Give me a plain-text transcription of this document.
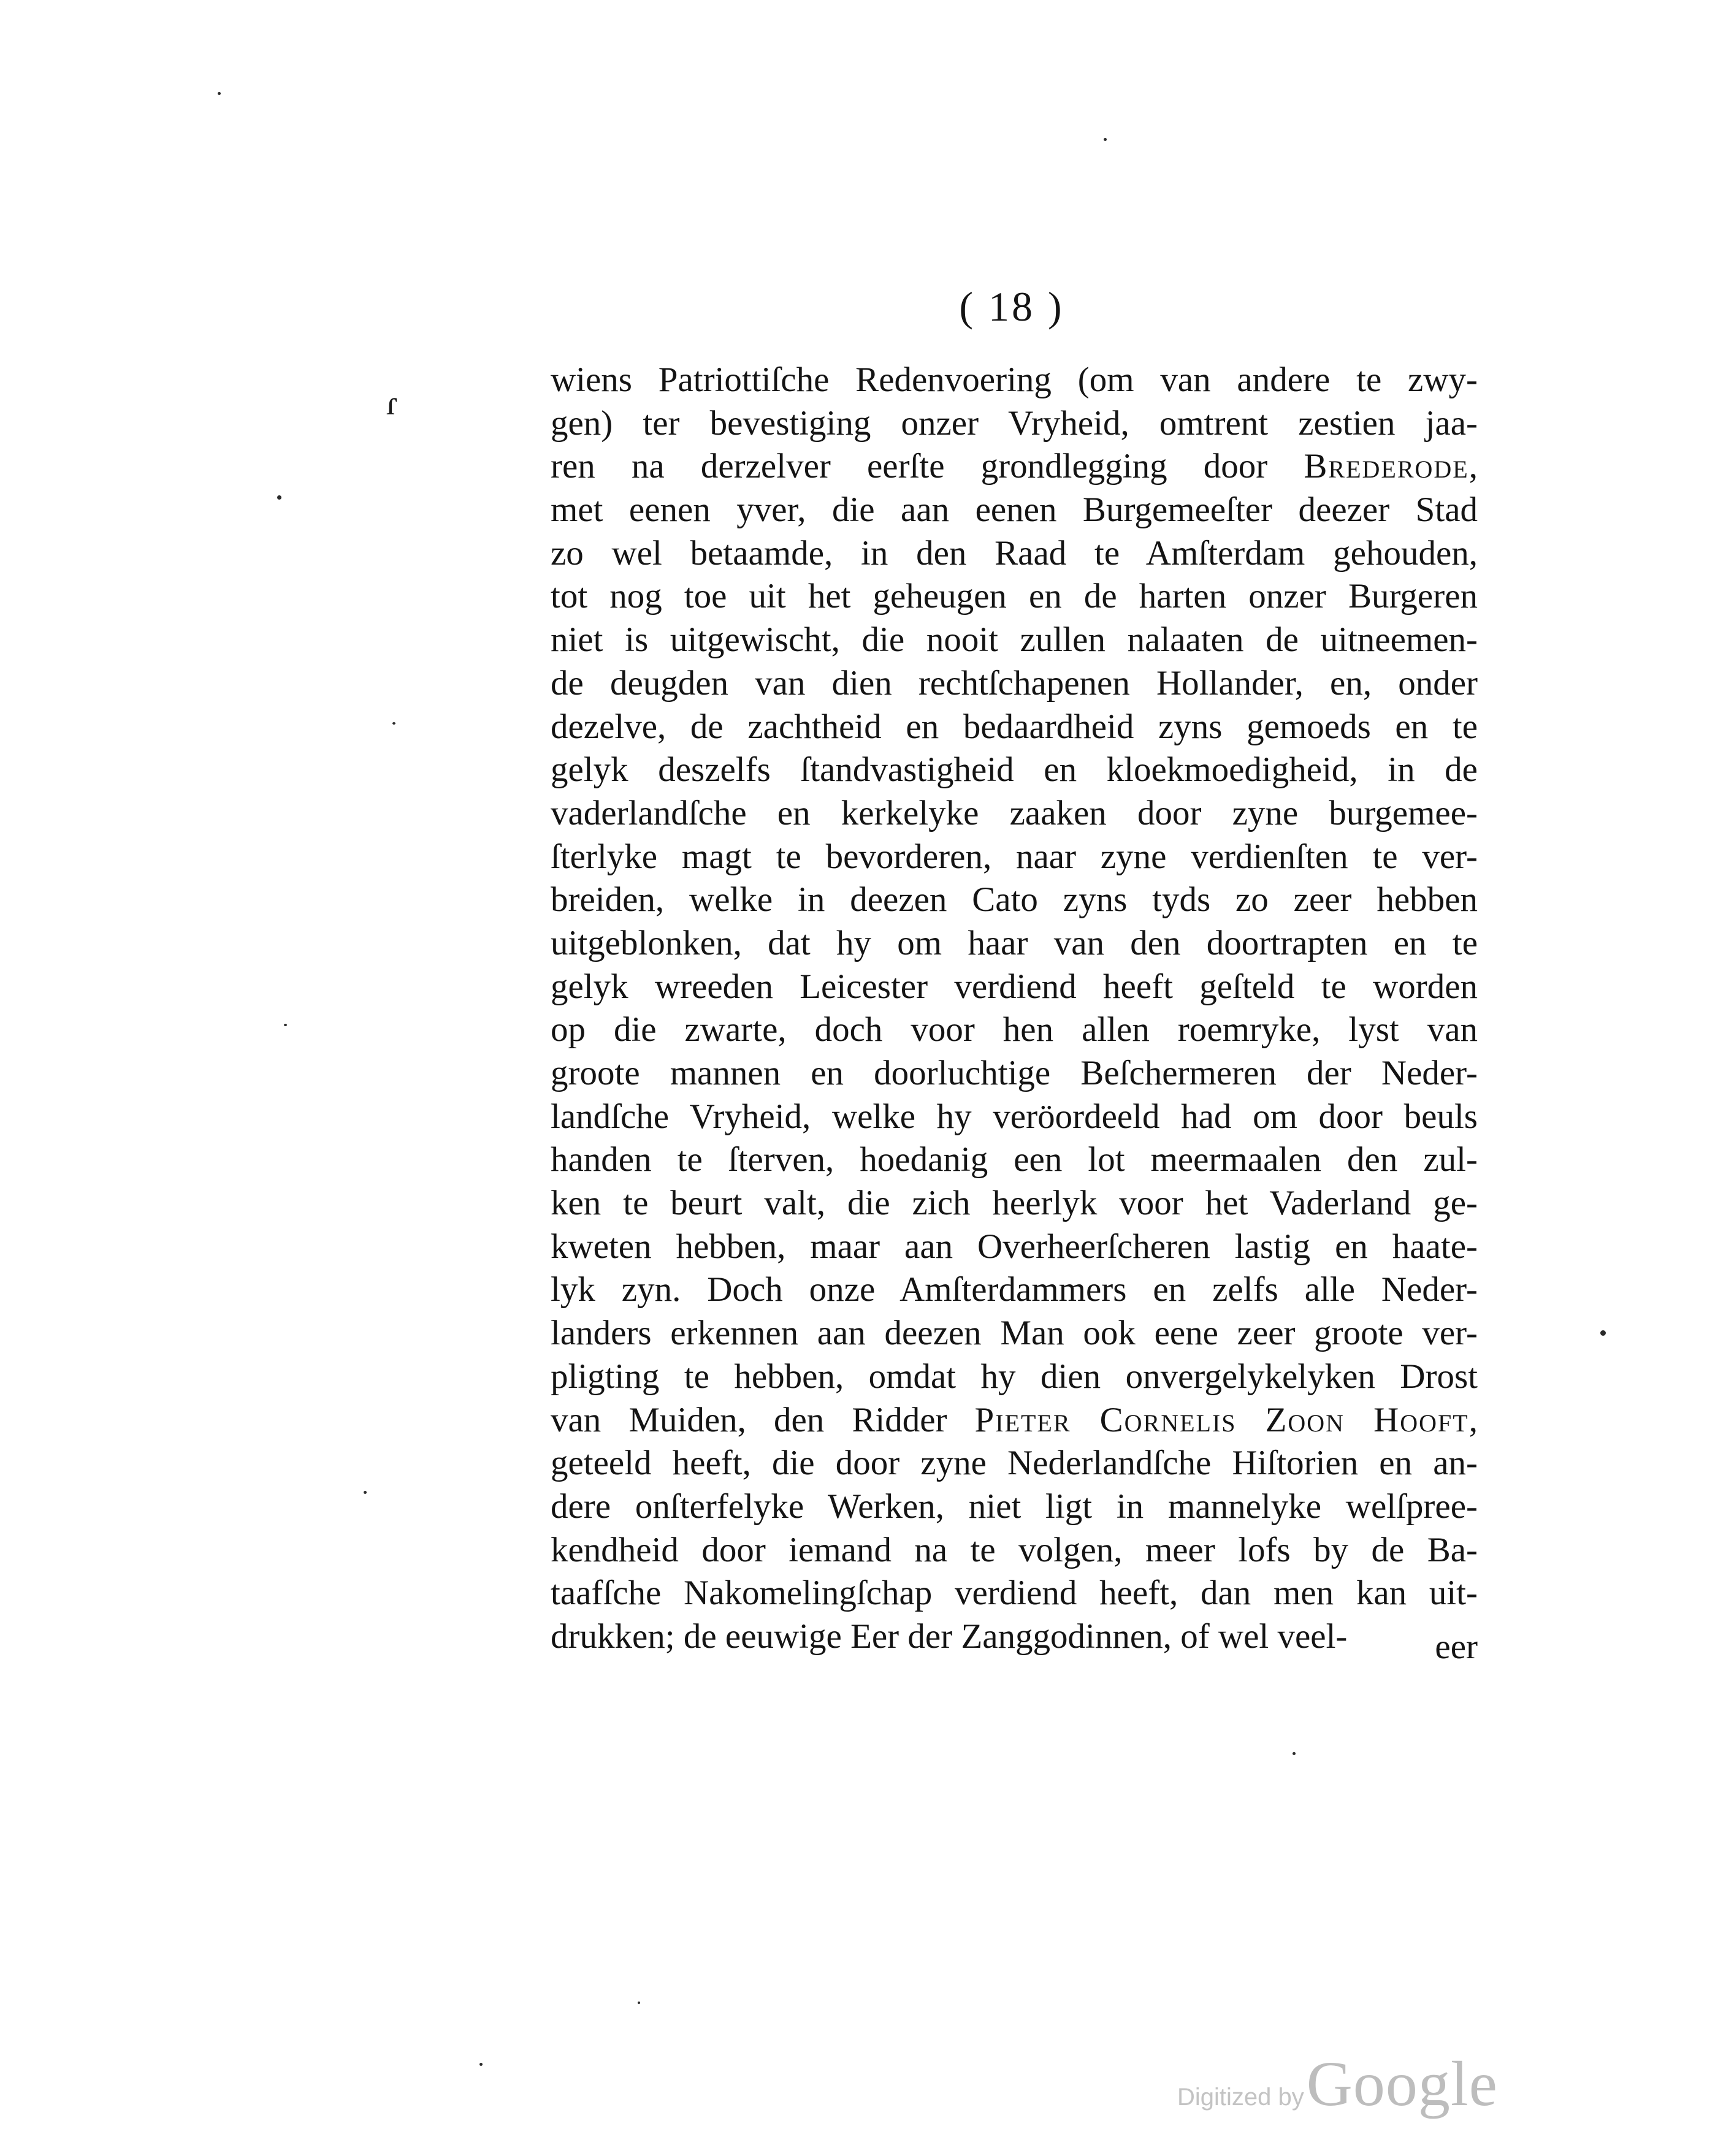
( 18 )
ɾ
wiens Patriottiſche Redenvoering (om van andere te zwy-
gen) ter bevestiging onzer Vryheid, omtrent zestien jaa-
ren na derzelver eerſte grondlegging door Brederode,
met eenen yver, die aan eenen Burgemeeſter deezer Stad
zo wel betaamde, in den Raad te Amſterdam gehouden,
tot nog toe uit het geheugen en de harten onzer Burgeren
niet is uitgewischt, die nooit zullen nalaaten de uitneemen-
de deugden van dien rechtſchapenen Hollander, en, onder
dezelve, de zachtheid en bedaardheid zyns gemoeds en te
gelyk deszelfs ſtandvastigheid en kloekmoedigheid, in de
vaderlandſche en kerkelyke zaaken door zyne burgemee-
ſterlyke magt te bevorderen, naar zyne verdienſten te ver-
breiden, welke in deezen Cato zyns tyds zo zeer hebben
uitgeblonken, dat hy om haar van den doortrapten en te
gelyk wreeden Leicester verdiend heeft geſteld te worden
op die zwarte, doch voor hen allen roemryke, lyst van
groote mannen en doorluchtige Beſchermeren der Neder-
landſche Vryheid, welke hy veröordeeld had om door beuls
handen te ſterven, hoedanig een lot meermaalen den zul-
ken te beurt valt, die zich heerlyk voor het Vaderland ge-
kweten hebben, maar aan Overheerſcheren lastig en haate-
lyk zyn. Doch onze Amſterdammers en zelfs alle Neder-
landers erkennen aan deezen Man ook eene zeer groote ver-
pligting te hebben, omdat hy dien onvergelykelyken Drost
van Muiden, den Ridder Pieter Cornelis Zoon Hooft,
geteeld heeft, die door zyne Nederlandſche Hiſtorien en an-
dere onſterfelyke Werken, niet ligt in mannelyke welſpree-
kendheid door iemand na te volgen, meer lofs by de Ba-
taafſche Nakomelingſchap verdiend heeft, dan men kan uit-
drukken; de eeuwige Eer der Zanggodinnen, of wel veel-	eer
Digitized by Google
